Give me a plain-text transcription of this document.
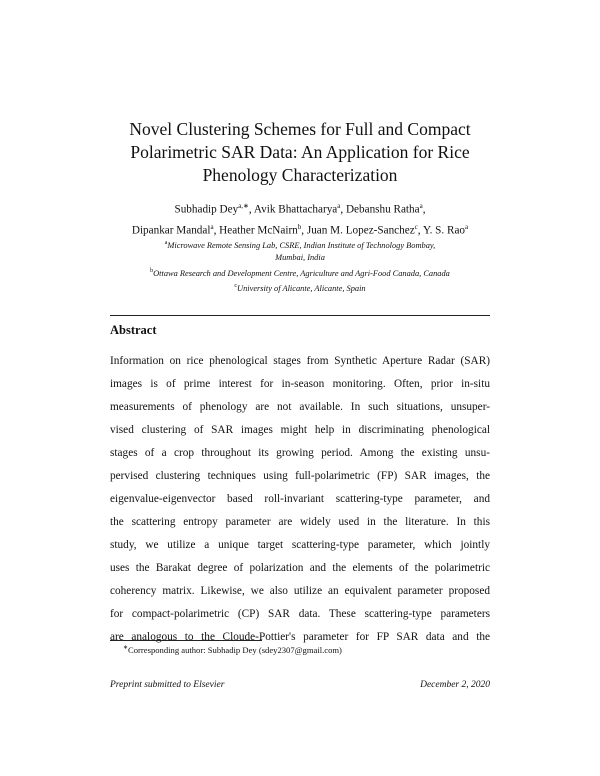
Novel Clustering Schemes for Full and Compact
Polarimetric SAR Data: An Application for Rice
Phenology Characterization
Subhadip Dey$^{a,∗}$, Avik Bhattacharya$^a$, Debanshu Ratha$^a$,
Dipankar Mandal$^a$, Heather McNairn$^b$, Juan M. Lopez-Sanchez$^c$, Y. S. Rao$^a$
$^a$Microwave Remote Sensing Lab, CSRE, Indian Institute of Technology Bombay,
Mumbai, India
$^b$Ottawa Research and Development Centre, Agriculture and Agri-Food Canada, Canada
$^c$University of Alicante, Alicante, Spain
Abstract
Information on rice phenological stages from Synthetic Aperture Radar (SAR)
images is of prime interest for in-season monitoring. Often, prior in-situ
measurements of phenology are not available. In such situations, unsuper-
vised clustering of SAR images might help in discriminating phenological
stages of a crop throughout its growing period. Among the existing unsu-
pervised clustering techniques using full-polarimetric (FP) SAR images, the
eigenvalue-eigenvector based roll-invariant scattering-type parameter, and
the scattering entropy parameter are widely used in the literature. In this
study, we utilize a unique target scattering-type parameter, which jointly
uses the Barakat degree of polarization and the elements of the polarimetric
coherency matrix. Likewise, we also utilize an equivalent parameter proposed
for compact-polarimetric (CP) SAR data. These scattering-type parameters
are analogous to the Cloude-Pottier's parameter for FP SAR data and the
∗Corresponding author: Subhadip Dey (sdey2307@gmail.com)
Preprint submitted to Elsevier	December 2, 2020
